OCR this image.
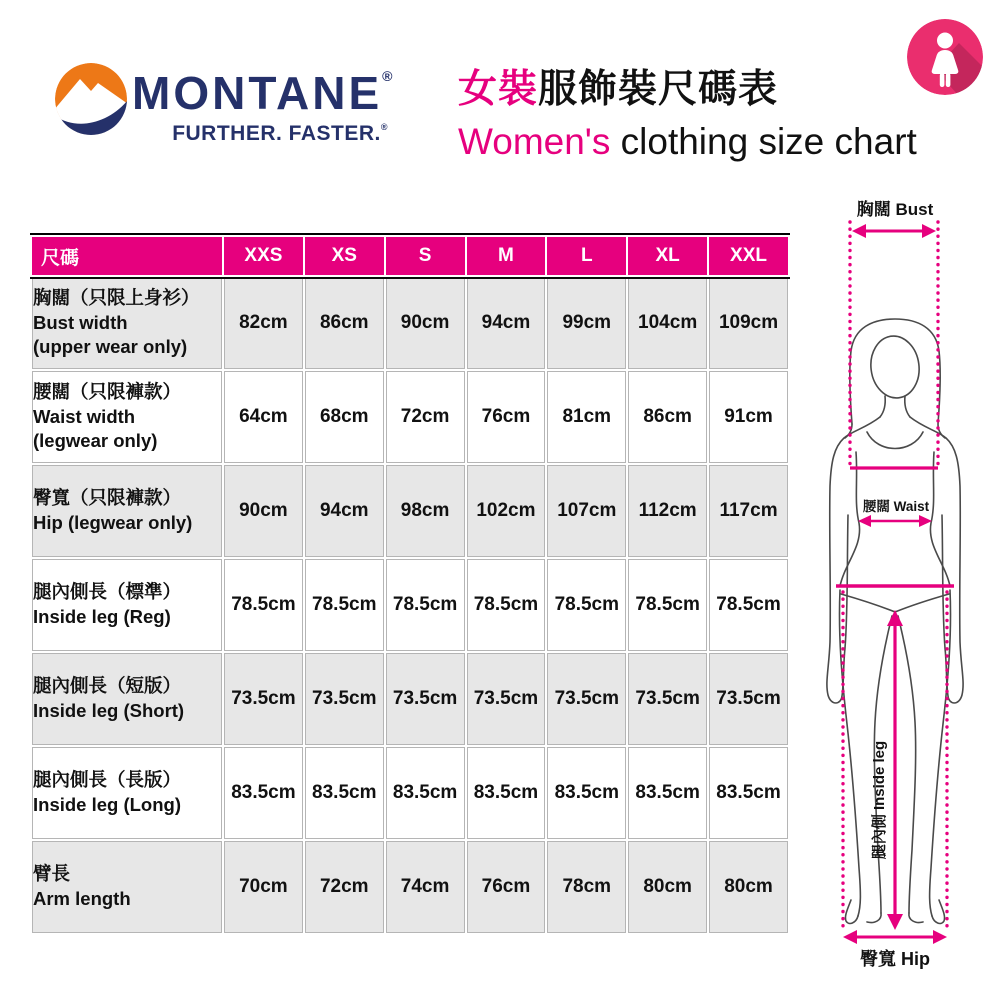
MONTANE®
FURTHER. FASTER.®
女裝服飾裝尺碼表
Women's clothing size chart
尺碼	XXS	XS	S	M	L	XL	XXL

胸闊（只限上身衫）
Bust width
(upper wear only)	82cm	86cm	90cm	94cm	99cm	104cm	109cm

腰闊（只限褲款）
Waist width
(legwear only)	64cm	68cm	72cm	76cm	81cm	86cm	91cm

臀寬（只限褲款）
Hip (legwear only)	90cm	94cm	98cm	102cm	107cm	112cm	117cm

腿內側長（標準）
Inside leg (Reg)	78.5cm	78.5cm	78.5cm	78.5cm	78.5cm	78.5cm	78.5cm

腿內側長（短版）
Inside leg (Short)	73.5cm	73.5cm	73.5cm	73.5cm	73.5cm	73.5cm	73.5cm

腿內側長（長版）
Inside leg (Long)	83.5cm	83.5cm	83.5cm	83.5cm	83.5cm	83.5cm	83.5cm

臂長
Arm length	70cm	72cm	74cm	76cm	78cm	80cm	80cm
胸闊 Bust
腰闊 Waist
腿內側 Inside leg
臀寬 Hip
